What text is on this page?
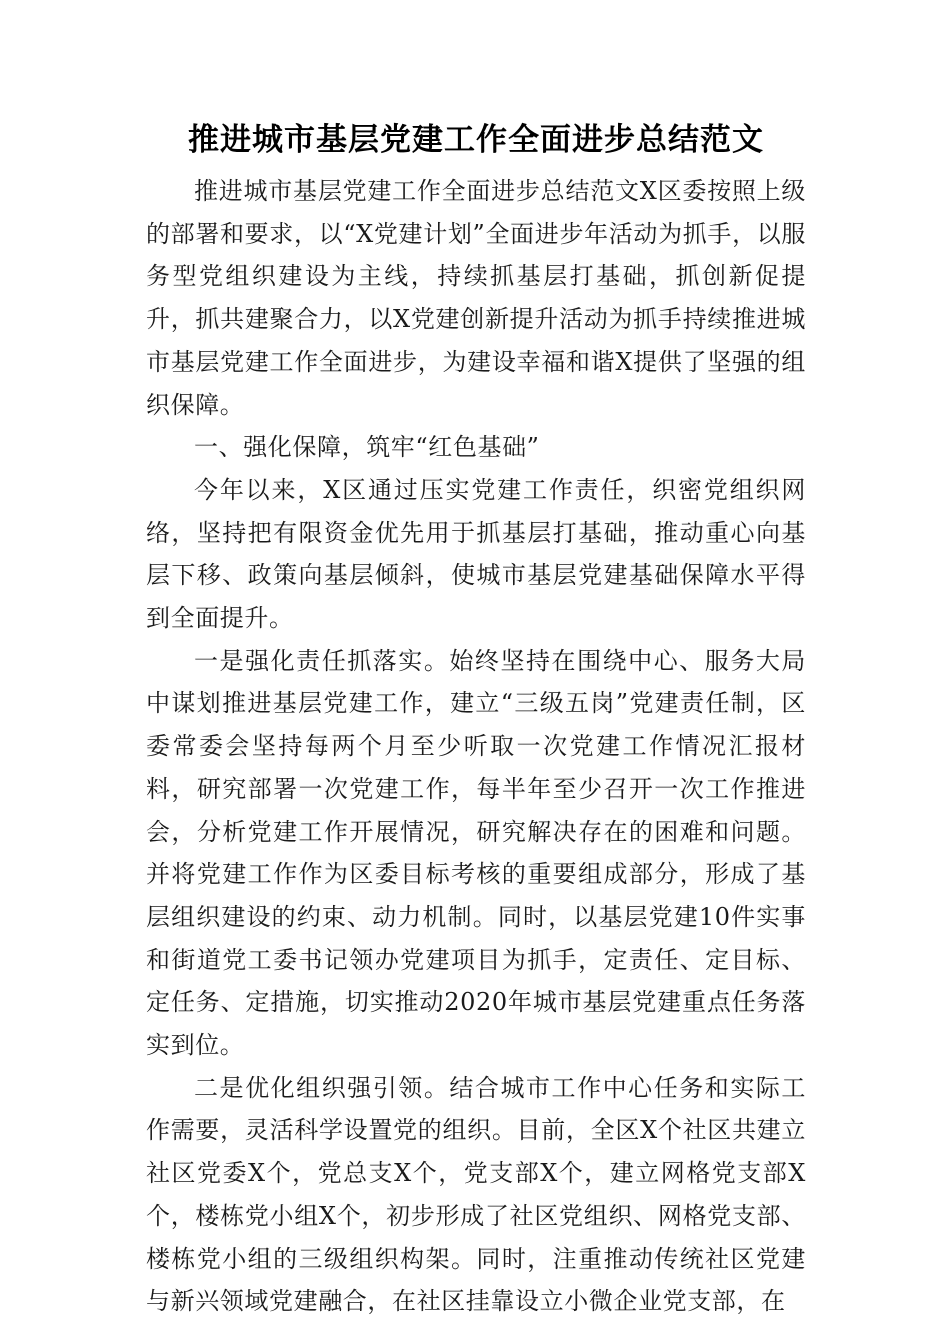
推进城市基层党建工作全面进步总结范文

推进城市基层党建工作全面进步总结范文X区委按照上级的部署和要求，以“X党建计划”全面进步年活动为抓手，以服务型党组织建设为主线，持续抓基层打基础，抓创新促提升，抓共建聚合力，以X党建创新提升活动为抓手持续推进城市基层党建工作全面进步，为建设幸福和谐X提供了坚强的组织保障。

一、强化保障，筑牢“红色基础”

今年以来，X区通过压实党建工作责任，织密党组织网络，坚持把有限资金优先用于抓基层打基础，推动重心向基层下移、政策向基层倾斜，使城市基层党建基础保障水平得到全面提升。

一是强化责任抓落实。始终坚持在围绕中心、服务大局中谋划推进基层党建工作，建立“三级五岗”党建责任制，区委常委会坚持每两个月至少听取一次党建工作情况汇报材料，研究部署一次党建工作，每半年至少召开一次工作推进会，分析党建工作开展情况，研究解决存在的困难和问题。并将党建工作作为区委目标考核的重要组成部分，形成了基层组织建设的约束、动力机制。同时，以基层党建10件实事和街道党工委书记领办党建项目为抓手，定责任、定目标、定任务、定措施，切实推动2020年城市基层党建重点任务落实到位。

二是优化组织强引领。结合城市工作中心任务和实际工作需要，灵活科学设置党的组织。目前，全区X个社区共建立社区党委X个，党总支X个，党支部X个，建立网格党支部X个，楼栋党小组X个，初步形成了社区党组织、网格党支部、楼栋党小组的三级组织构架。同时，注重推动传统社区党建与新兴领域党建融合，在社区挂靠设立小微企业党支部，在
